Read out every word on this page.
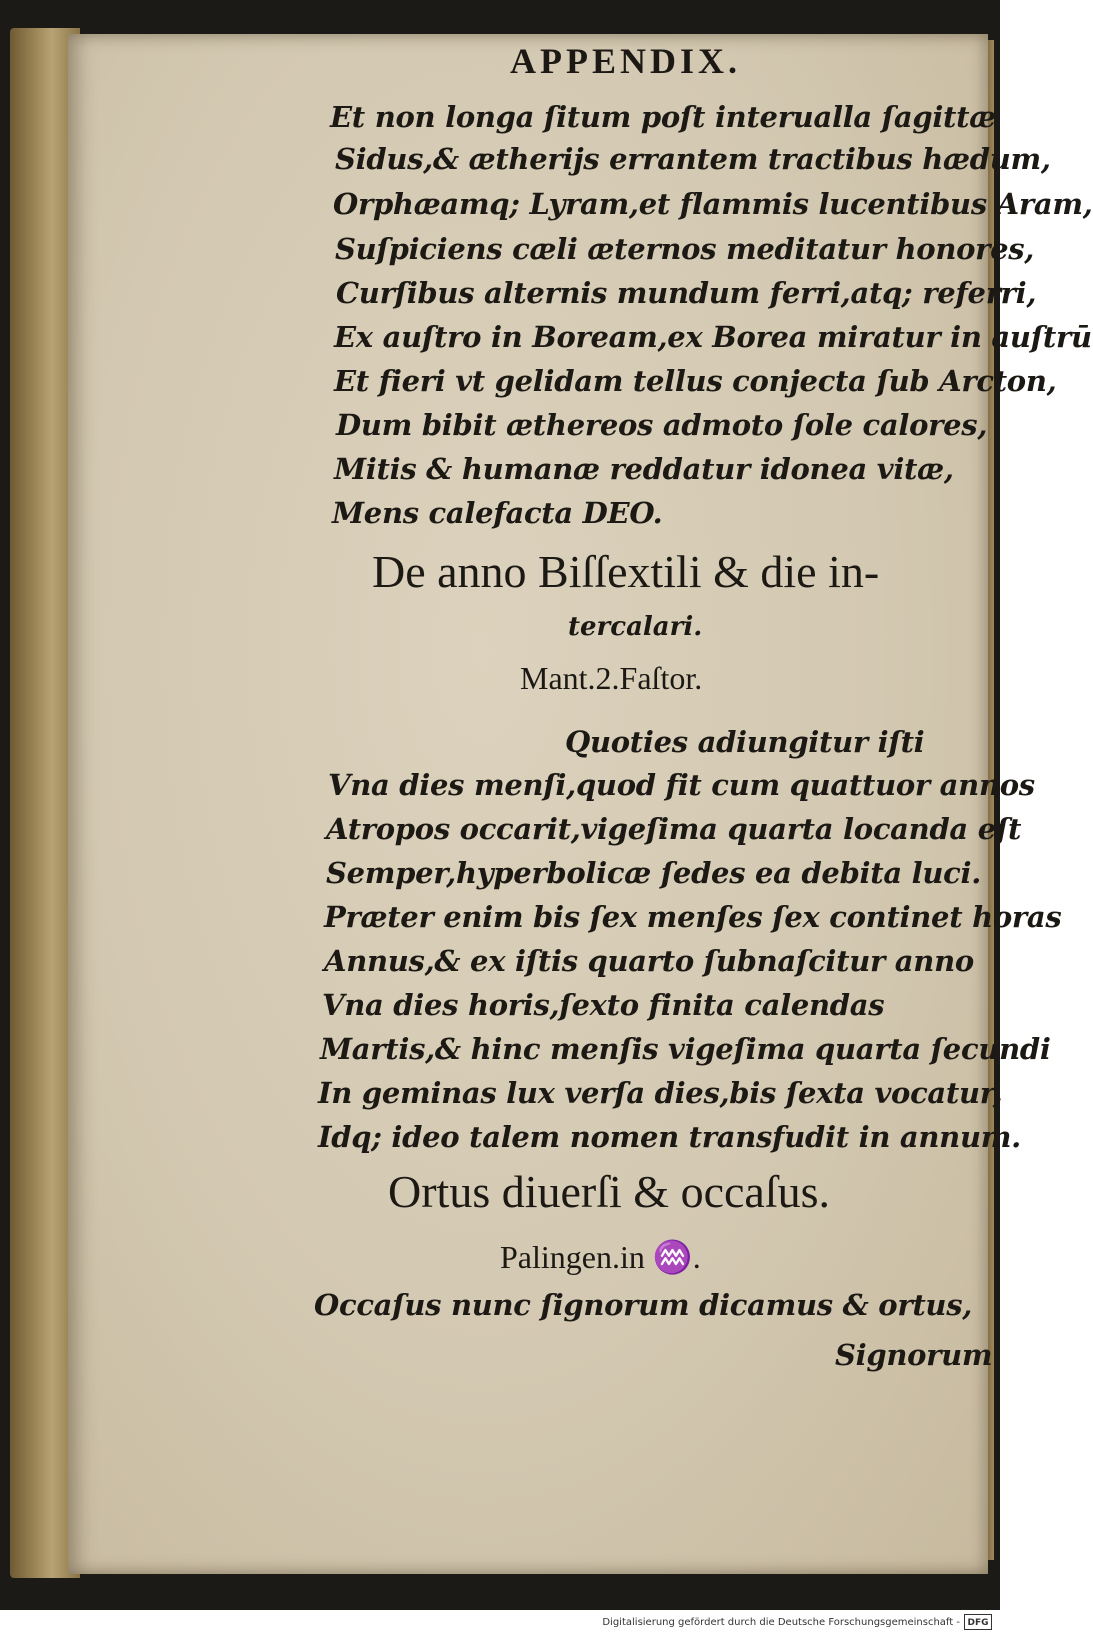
APPENDIX.
Et non longa ſitum poſt interualla ſagittæ
Sidus,& ætherijs errantem tractibus hædum,
Orphæamq; Lyram,et flammis lucentibus Aram,
Suſpiciens cæli æternos meditatur honores,
Curſibus alternis mundum ferri,atq; referri,
Ex auſtro in Boream,ex Borea miratur in auſtrū
Et fieri vt gelidam tellus conjecta ſub Arcton,
Dum bibit æthereos admoto ſole calores,
Mitis & humanæ reddatur idonea vitæ,
Mens calefacta DEO.
De anno Biſſextili & die in-
tercalari.
Mant.2.Faſtor.
Quoties adiungitur iſti
Vna dies menſi,quod fit cum quattuor annos
Atropos occarit,vigeſima quarta locanda eſt
Semper,hyperbolicæ ſedes ea debita luci.
Præter enim bis ſex menſes ſex continet horas
Annus,& ex iſtis quarto ſubnaſcitur anno
Vna dies horis,ſexto finita calendas
Martis,& hinc menſis vigeſima quarta ſecundi
In geminas lux verſa dies,bis ſexta vocatur,
Idq; ideo talem nomen transfudit in annum.
Ortus diuerſi & occaſus.
Palingen.in ♒.
Occaſus nunc ſignorum dicamus & ortus,
Signorum
Digitalisierung gefördert durch die Deutsche Forschungsgemeinschaft - DFG
